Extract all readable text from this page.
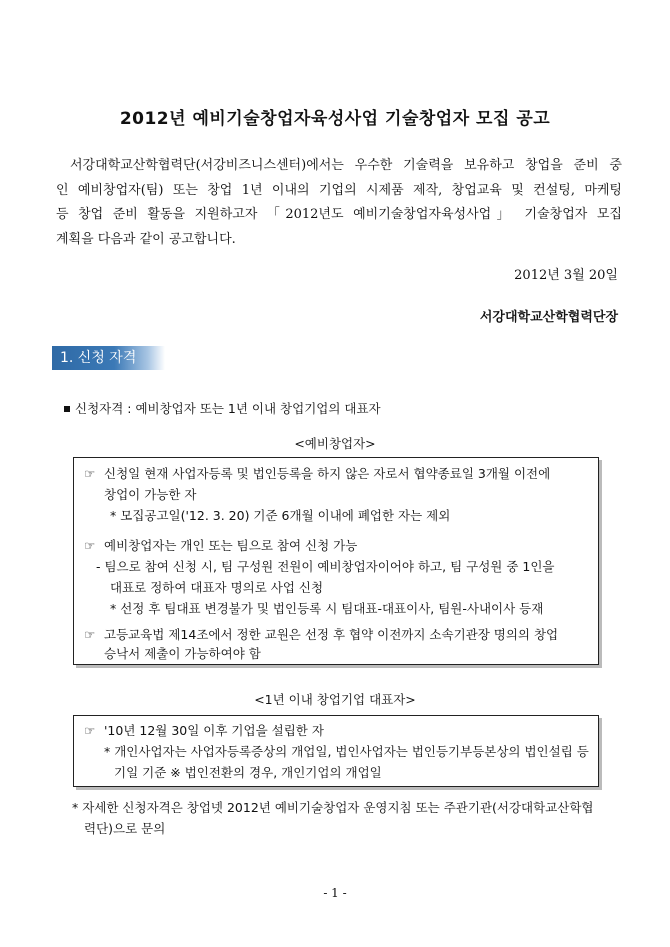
2012년 예비기술창업자육성사업 기술창업자 모집 공고
서강대학교산학협력단(서강비즈니스센터)에서는 우수한 기술력을 보유하고 창업을 준비 중
인 예비창업자(팀) 또는 창업 1년 이내의 기업의 시제품 제작, 창업교육 및 컨설팅, 마케팅
등 창업 준비 활동을 지원하고자 「2012년도 예비기술창업자육성사업」 기술창업자 모집
계획을 다음과 같이 공고합니다.
2012년 3월 20일
서강대학교산학협력단장
1. 신청 자격
신청자격 : 예비창업자 또는 1년 이내 창업기업의 대표자
<예비창업자>
☞ 신청일 현재 사업자등록 및 법인등록을 하지 않은 자로서 협약종료일 3개월 이전에
창업이 가능한 자
* 모집공고일('12. 3. 20) 기준 6개월 이내에 폐업한 자는 제외
☞ 예비창업자는 개인 또는 팀으로 참여 신청 가능
- 팀으로 참여 신청 시, 팀 구성원 전원이 예비창업자이어야 하고, 팀 구성원 중 1인을
대표로 정하여 대표자 명의로 사업 신청
* 선정 후 팀대표 변경불가 및 법인등록 시 팀대표-대표이사, 팀원-사내이사 등재
☞ 고등교육법 제14조에서 정한 교원은 선정 후 협약 이전까지 소속기관장 명의의 창업
승낙서 제출이 가능하여야 함
<1년 이내 창업기업 대표자>
☞ '10년 12월 30일 이후 기업을 설립한 자
* 개인사업자는 사업자등록증상의 개업일, 법인사업자는 법인등기부등본상의 법인설립 등
기일 기준 ※ 법인전환의 경우, 개인기업의 개업일
* 자세한 신청자격은 창업넷 2012년 예비기술창업자 운영지침 또는 주관기관(서강대학교산학협
력단)으로 문의
- 1 -
